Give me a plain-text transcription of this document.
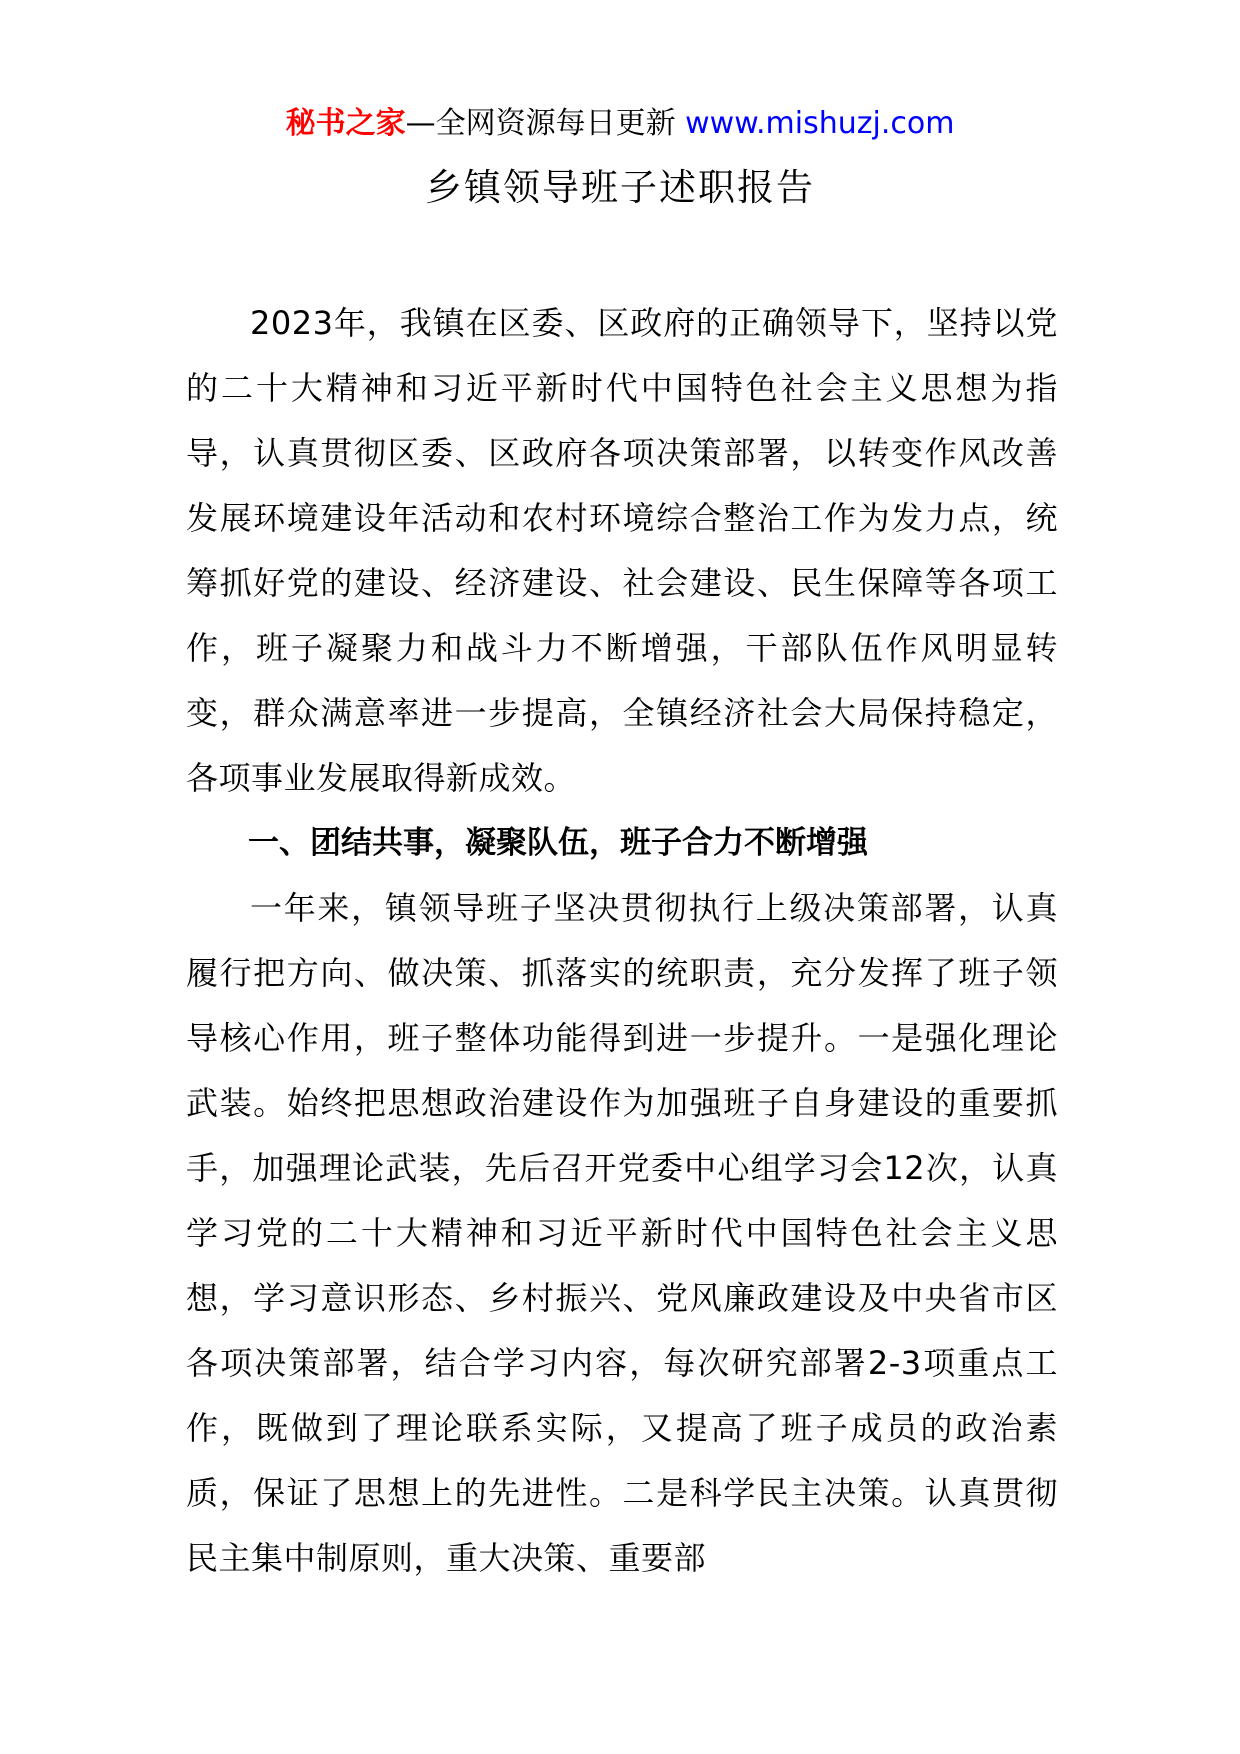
秘书之家—全网资源每日更新 www.mishuzj.com
乡镇领导班子述职报告

2023年，我镇在区委、区政府的正确领导下，坚持以党的二十大精神和习近平新时代中国特色社会主义思想为指导，认真贯彻区委、区政府各项决策部署，以转变作风改善发展环境建设年活动和农村环境综合整治工作为发力点，统筹抓好党的建设、经济建设、社会建设、民生保障等各项工作，班子凝聚力和战斗力不断增强，干部队伍作风明显转变，群众满意率进一步提高，全镇经济社会大局保持稳定，各项事业发展取得新成效。

一、团结共事，凝聚队伍，班子合力不断增强

一年来，镇领导班子坚决贯彻执行上级决策部署，认真履行把方向、做决策、抓落实的统职责，充分发挥了班子领导核心作用，班子整体功能得到进一步提升。一是强化理论武装。始终把思想政治建设作为加强班子自身建设的重要抓手，加强理论武装，先后召开党委中心组学习会12次，认真学习党的二十大精神和习近平新时代中国特色社会主义思想，学习意识形态、乡村振兴、党风廉政建设及中央省市区各项决策部署，结合学习内容，每次研究部署2-3项重点工作，既做到了理论联系实际，又提高了班子成员的政治素质，保证了思想上的先进性。二是科学民主决策。认真贯彻民主集中制原则，重大决策、重要部
